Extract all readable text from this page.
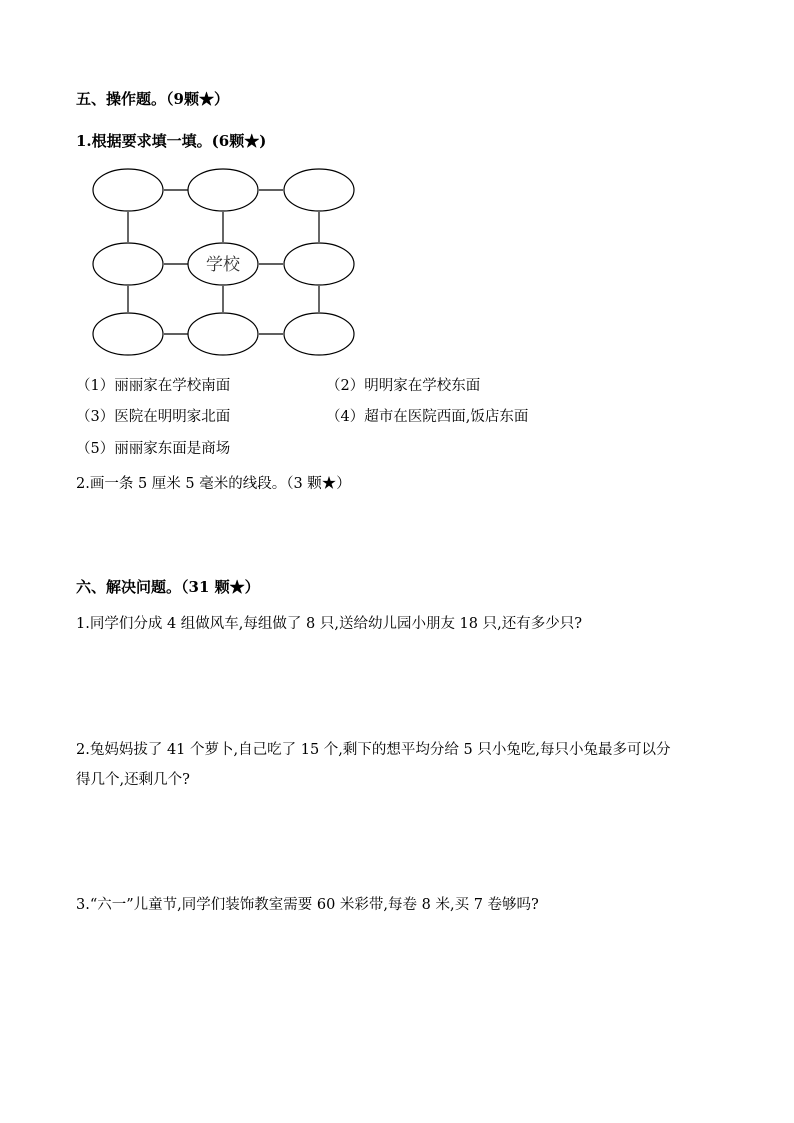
五、操作题。（9颗★）
1.根据要求填一填。(6颗★)
学校
（1）丽丽家在学校南面	（2）明明家在学校东面
（3）医院在明明家北面	（4）超市在医院西面,饭店东面
（5）丽丽家东面是商场
2.画一条 5 厘米 5 毫米的线段。（3 颗★）
六、解决问题。（31 颗★）
1.同学们分成 4 组做风车,每组做了 8 只,送给幼儿园小朋友 18 只,还有多少只?
2.兔妈妈拔了 41 个萝卜,自己吃了 15 个,剩下的想平均分给 5 只小兔吃,每只小兔最多可以分
得几个,还剩几个?
3.“六一”儿童节,同学们装饰教室需要 60 米彩带,每卷 8 米,买 7 卷够吗?
